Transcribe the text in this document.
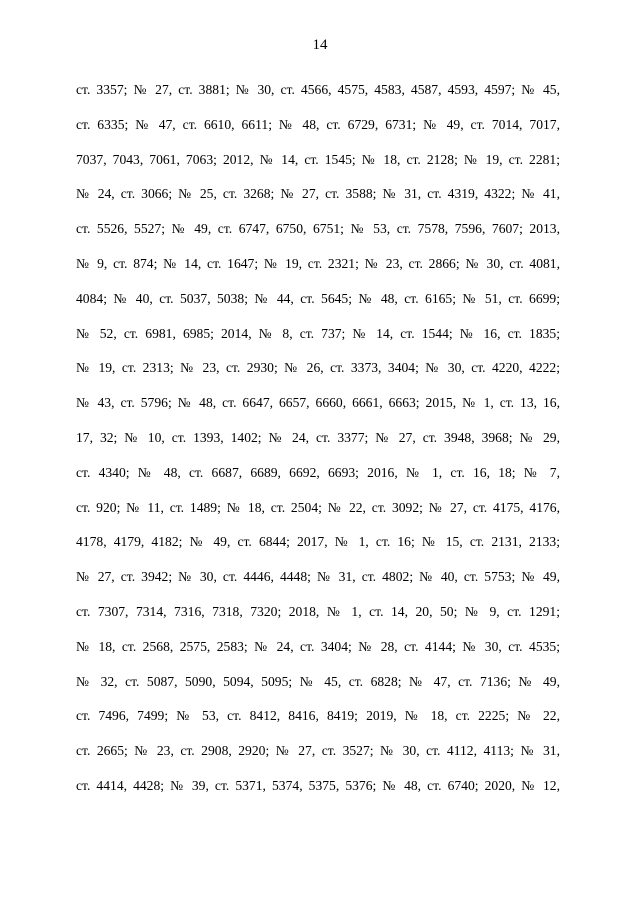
14
ст. 3357; № 27, ст. 3881; № 30, ст. 4566, 4575, 4583, 4587, 4593, 4597; № 45,
ст. 6335; № 47, ст. 6610, 6611; № 48, ст. 6729, 6731; № 49, ст. 7014, 7017,
7037, 7043, 7061, 7063; 2012, № 14, ст. 1545; № 18, ст. 2128; № 19, ст. 2281;
№ 24, ст. 3066; № 25, ст. 3268; № 27, ст. 3588; № 31, ст. 4319, 4322; № 41,
ст. 5526, 5527; № 49, ст. 6747, 6750, 6751; № 53, ст. 7578, 7596, 7607; 2013,
№ 9, ст. 874; № 14, ст. 1647; № 19, ст. 2321; № 23, ст. 2866; № 30, ст. 4081,
4084; № 40, ст. 5037, 5038; № 44, ст. 5645; № 48, ст. 6165; № 51, ст. 6699;
№ 52, ст. 6981, 6985; 2014, № 8, ст. 737; № 14, ст. 1544; № 16, ст. 1835;
№ 19, ст. 2313; № 23, ст. 2930; № 26, ст. 3373, 3404; № 30, ст. 4220, 4222;
№ 43, ст. 5796; № 48, ст. 6647, 6657, 6660, 6661, 6663; 2015, № 1, ст. 13, 16,
17, 32; № 10, ст. 1393, 1402; № 24, ст. 3377; № 27, ст. 3948, 3968; № 29,
ст. 4340; № 48, ст. 6687, 6689, 6692, 6693; 2016, № 1, ст. 16, 18; № 7,
ст. 920; № 11, ст. 1489; № 18, ст. 2504; № 22, ст. 3092; № 27, ст. 4175, 4176,
4178, 4179, 4182; № 49, ст. 6844; 2017, № 1, ст. 16; № 15, ст. 2131, 2133;
№ 27, ст. 3942; № 30, ст. 4446, 4448; № 31, ст. 4802; № 40, ст. 5753; № 49,
ст. 7307, 7314, 7316, 7318, 7320; 2018, № 1, ст. 14, 20, 50; № 9, ст. 1291;
№ 18, ст. 2568, 2575, 2583; № 24, ст. 3404; № 28, ст. 4144; № 30, ст. 4535;
№ 32, ст. 5087, 5090, 5094, 5095; № 45, ст. 6828; № 47, ст. 7136; № 49,
ст. 7496, 7499; № 53, ст. 8412, 8416, 8419; 2019, № 18, ст. 2225; № 22,
ст. 2665; № 23, ст. 2908, 2920; № 27, ст. 3527; № 30, ст. 4112, 4113; № 31,
ст. 4414, 4428; № 39, ст. 5371, 5374, 5375, 5376; № 48, ст. 6740; 2020, № 12,
